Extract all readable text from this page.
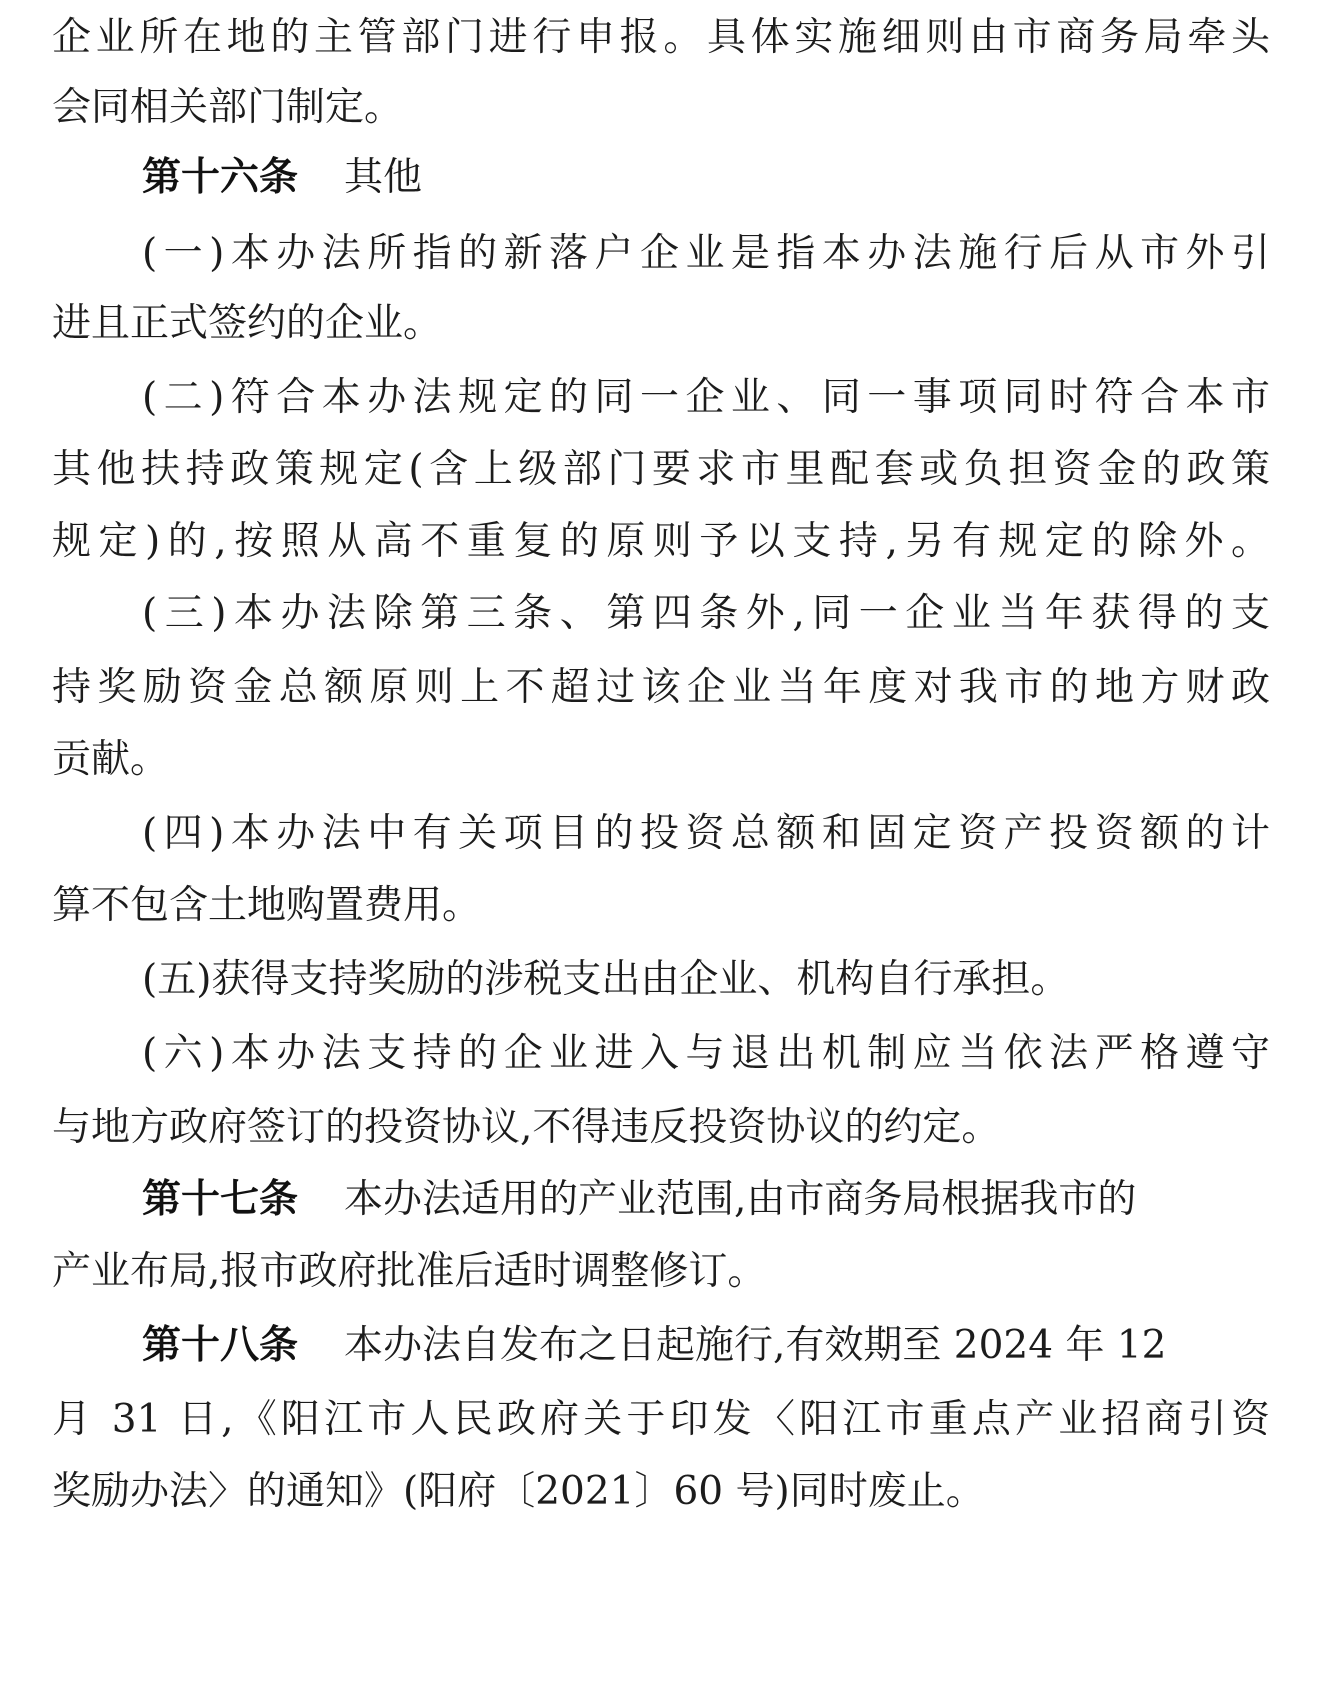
企业所在地的主管部门进行申报。具体实施细则由市商务局牵头
会同相关部门制定。
第十六条 其他
(一)本办法所指的新落户企业是指本办法施行后从市外引
进且正式签约的企业。
(二)符合本办法规定的同一企业、同一事项同时符合本市
其他扶持政策规定(含上级部门要求市里配套或负担资金的政策
规定)的,按照从高不重复的原则予以支持,另有规定的除外。
(三)本办法除第三条、第四条外,同一企业当年获得的支
持奖励资金总额原则上不超过该企业当年度对我市的地方财政
贡献。
(四)本办法中有关项目的投资总额和固定资产投资额的计
算不包含土地购置费用。
(五)获得支持奖励的涉税支出由企业、机构自行承担。
(六)本办法支持的企业进入与退出机制应当依法严格遵守
与地方政府签订的投资协议,不得违反投资协议的约定。
第十七条 本办法适用的产业范围,由市商务局根据我市的
产业布局,报市政府批准后适时调整修订。
第十八条 本办法自发布之日起施行,有效期至 2024 年 12
月 31 日,《阳江市人民政府关于印发〈阳江市重点产业招商引资
奖励办法〉的通知》(阳府〔2021〕60 号)同时废止。
